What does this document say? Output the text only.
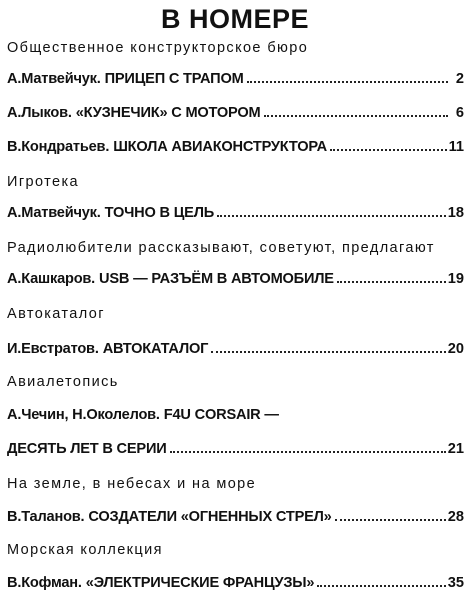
В НОМЕРЕ
Общественное конструкторское бюро
А.Матвейчук. ПРИЦЕП С ТРАПОМ	2
А.Лыков. «КУЗНЕЧИК» С МОТОРОМ	6
В.Кондратьев. ШКОЛА АВИАКОНСТРУКТОРА	11
Игротека
А.Матвейчук. ТОЧНО В ЦЕЛЬ	18
Радиолюбители рассказывают, советуют, предлагают
А.Кашкаров. USB — РАЗЪЁМ В АВТОМОБИЛЕ	19
Автокаталог
И.Евстратов. АВТОКАТАЛОГ	20
Авиалетопись
А.Чечин, Н.Околелов. F4U CORSAIR —
ДЕСЯТЬ ЛЕТ В СЕРИИ	21
На земле, в небесах и на море
В.Таланов. СОЗДАТЕЛИ «ОГНЕННЫХ СТРЕЛ»	28
Морская коллекция
В.Кофман. «ЭЛЕКТРИЧЕСКИЕ ФРАНЦУЗЫ»	35
